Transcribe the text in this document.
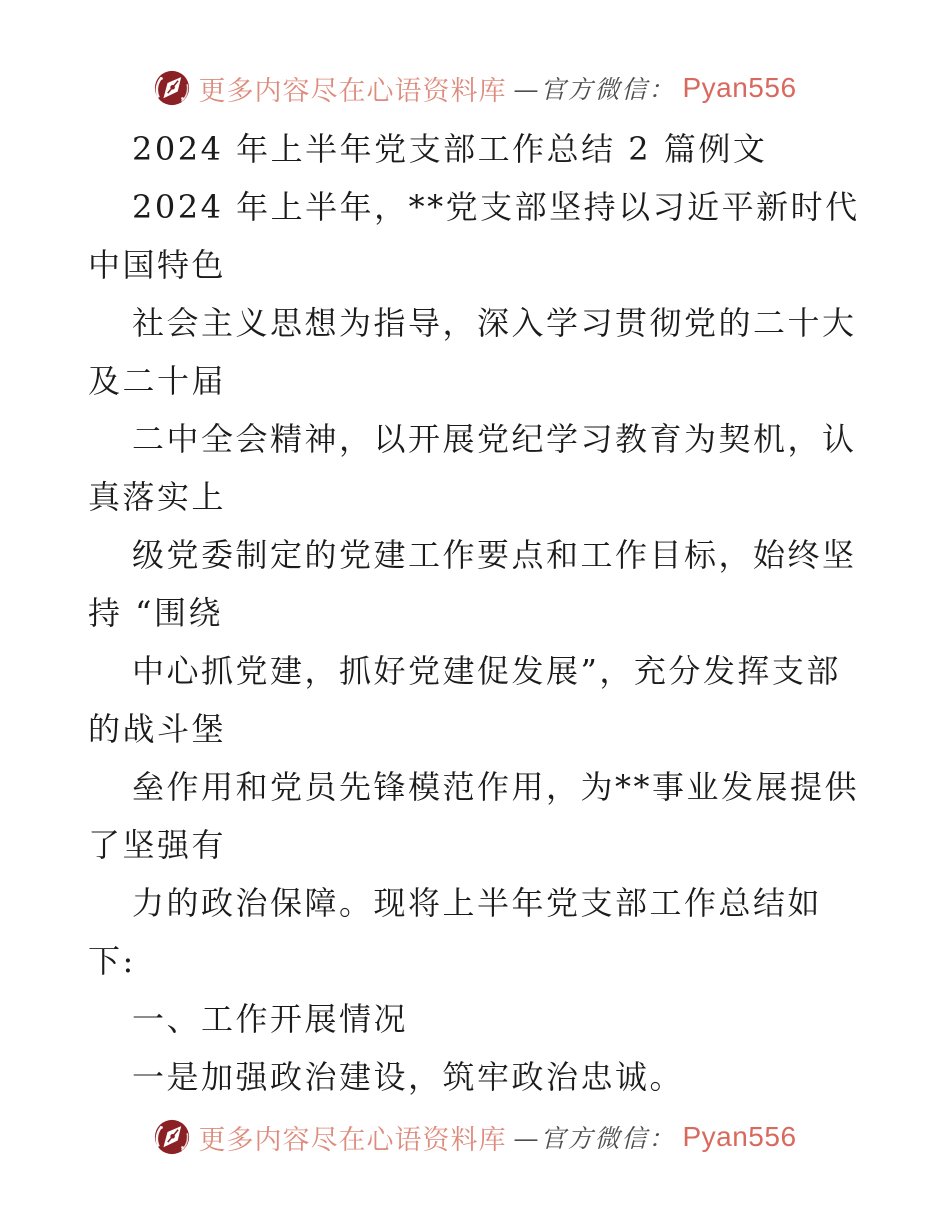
更多内容尽在心语资料库 —官方微信： Pyan556
2024 年上半年党支部工作总结 2 篇例文
2024 年上半年，**党支部坚持以习近平新时代
中国特色
社会主义思想为指导，深入学习贯彻党的二十大
及二十届
二中全会精神，以开展党纪学习教育为契机，认
真落实上
级党委制定的党建工作要点和工作目标，始终坚
持 “围绕
中心抓党建，抓好党建促发展”，充分发挥支部
的战斗堡
垒作用和党员先锋模范作用，为**事业发展提供
了坚强有
力的政治保障。现将上半年党支部工作总结如
下:
一、工作开展情况
一是加强政治建设，筑牢政治忠诚。
更多内容尽在心语资料库 —官方微信： Pyan556
